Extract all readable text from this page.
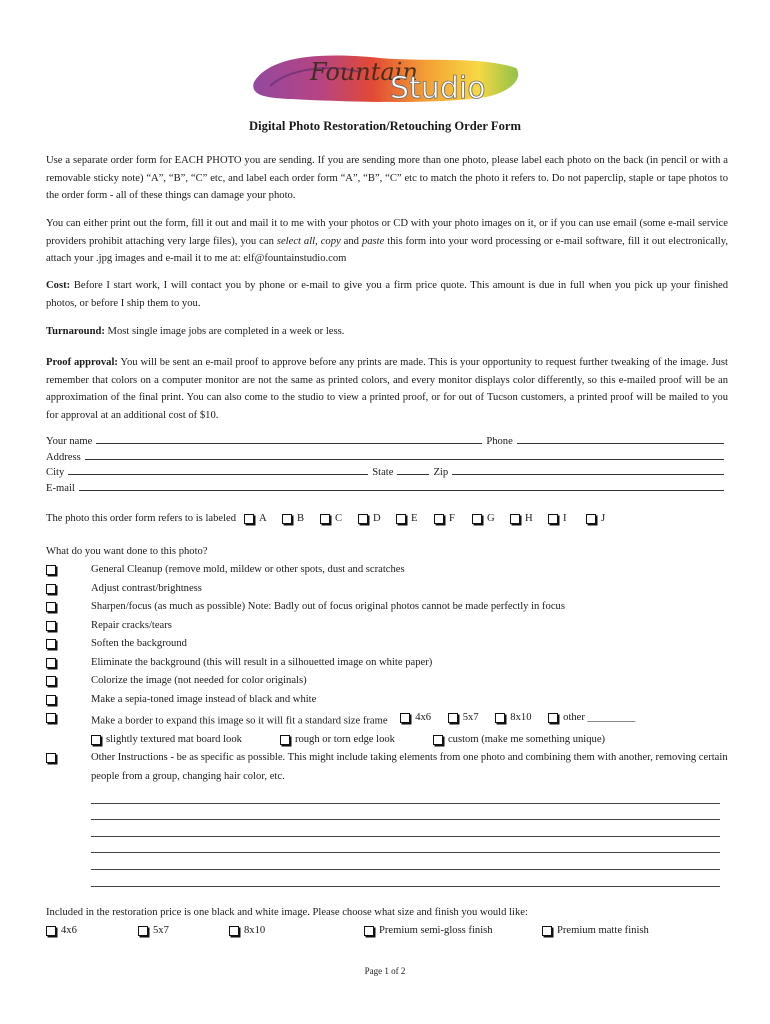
Fountain
Studio
Digital Photo Restoration/Retouching Order Form

Use a separate order form for EACH PHOTO you are sending. If you are sending more than one photo, please label each photo on the back (in pencil or with a removable sticky note) “A”, “B”, “C” etc, and label each order form “A”, “B”, “C” etc to match the photo it refers to. Do not paperclip, staple or tape photos to the order form - all of these things can damage your photo.

You can either print out the form, fill it out and mail it to me with your photos or CD with your photo images on it, or if you can use email (some e-mail service providers prohibit attaching very large files), you can select all, copy and paste this form into your word processing or e-mail software, fill it out electronically, attach your .jpg images and e-mail it to me at: elf@fountainstudio.com

Cost: Before I start work, I will contact you by phone or e-mail to give you a firm price quote. This amount is due in full when you pick up your finished photos, or before I ship them to you.

Turnaround: Most single image jobs are completed in a week or less.

Proof approval: You will be sent an e-mail proof to approve before any prints are made. This is your opportunity to request further tweaking of the image. Just remember that colors on a computer monitor are not the same as printed colors, and every monitor displays color differently, so this e-mailed proof will be an approximation of the final print. You can also come to the studio to view a printed proof, or for out of Tucson customers, a printed proof will be mailed to you for approval at an additional cost of $10.

Your name	Phone
Address
City	State	Zip
E-mail
The photo this order form refers to is labeled A	B	C	D	E	F	G	H	I	J
What do you want done to this photo?
General Cleanup (remove mold, mildew or other spots, dust and scratches
Adjust contrast/brightness
Sharpen/focus (as much as possible) Note: Badly out of focus original photos cannot be made perfectly in focus
Repair cracks/tears
Soften the background
Eliminate the background (this will result in a silhouetted image on white paper)
Colorize the image (not needed for color originals)
Make a sepia-toned image instead of black and white
Make a border to expand this image so it will fit a standard size frame	4x6
	5x7
	8x10
	other _________
slightly textured mat board look	rough or torn edge look	custom (make me something unique)
Other Instructions - be as specific as possible. This might include taking elements from one photo and combining them with another, removing certain people from a group, changing hair color, etc.
Included in the restoration price is one black and white image. Please choose what size and finish you would like:
4x6	5x7	8x10	Premium semi-gloss finish	Premium matte finish
Page 1 of 2
